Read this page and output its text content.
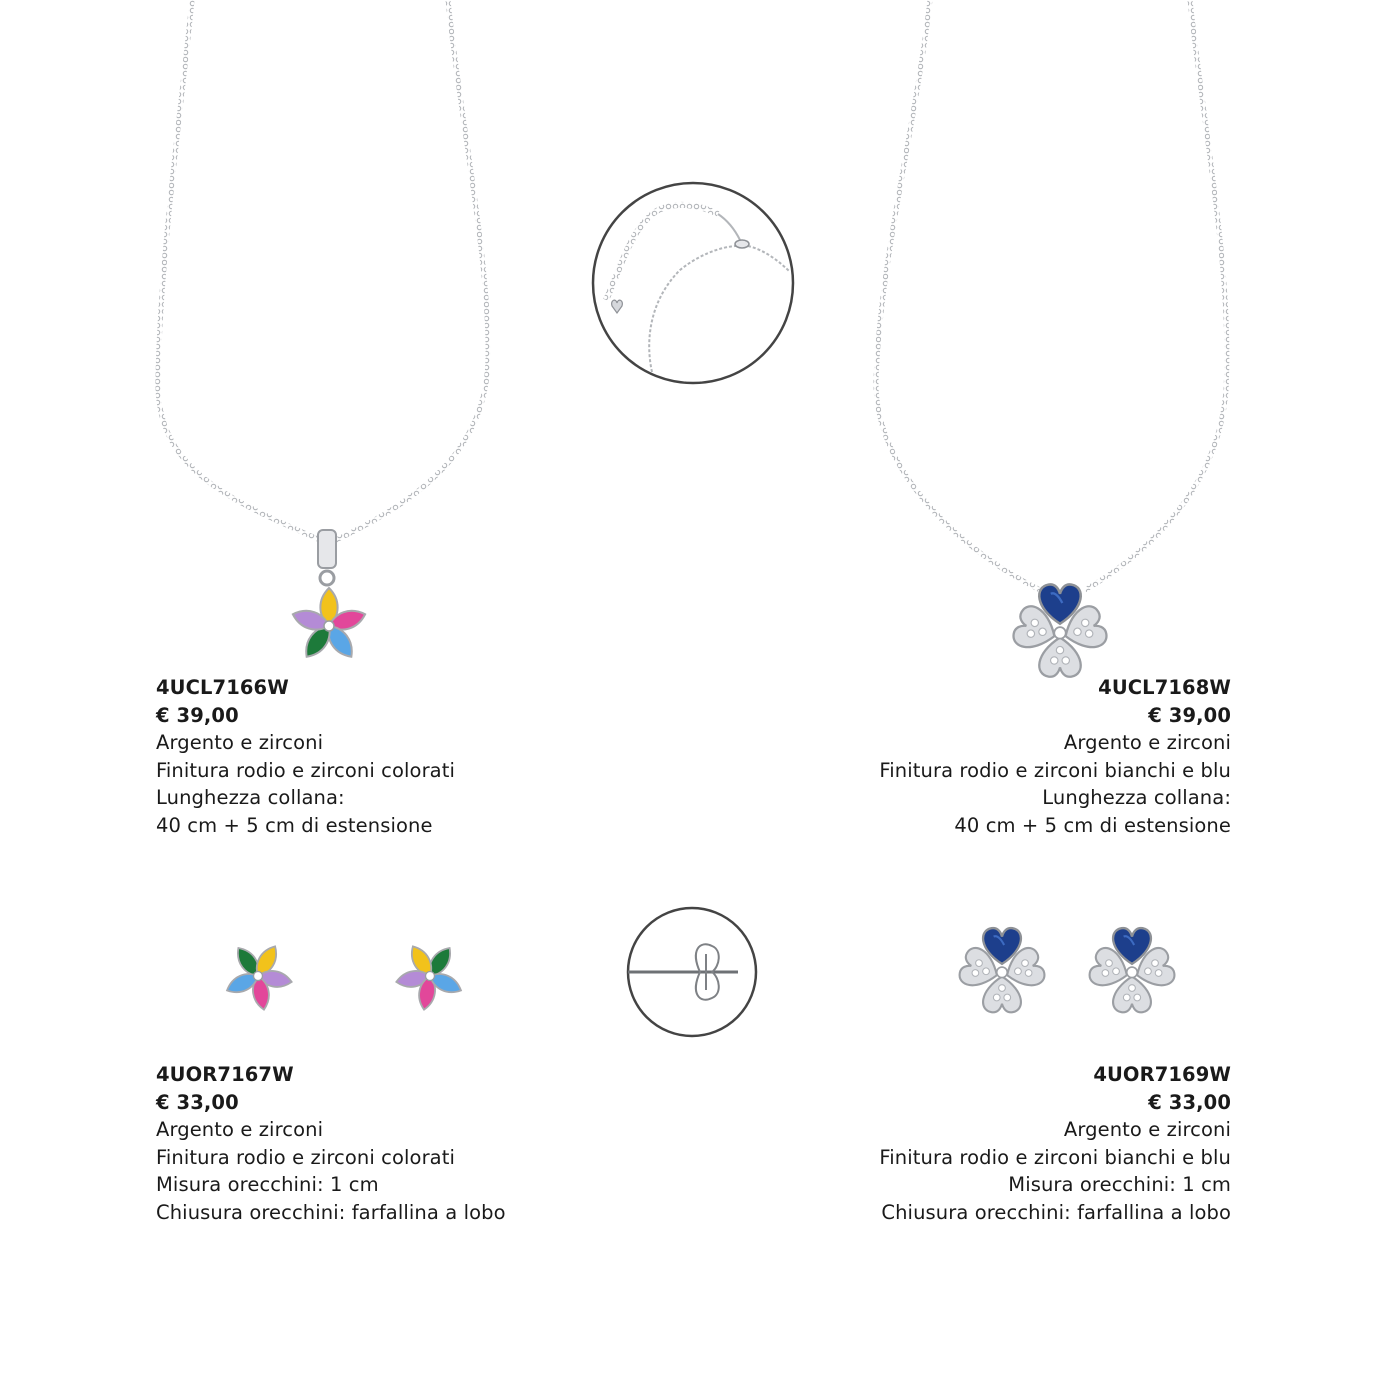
4UCL7166W
€ 39,00
Argento e zirconi
Finitura rodio e zirconi colorati
Lunghezza collana:
40 cm + 5 cm di estensione
4UCL7168W
€ 39,00
Argento e zirconi
Finitura rodio e zirconi bianchi e blu
Lunghezza collana:
40 cm + 5 cm di estensione
4UOR7167W
€ 33,00
Argento e zirconi
Finitura rodio e zirconi colorati
Misura orecchini: 1 cm
Chiusura orecchini: farfallina a lobo
4UOR7169W
€ 33,00
Argento e zirconi
Finitura rodio e zirconi bianchi e blu
Misura orecchini: 1 cm
Chiusura orecchini: farfallina a lobo
